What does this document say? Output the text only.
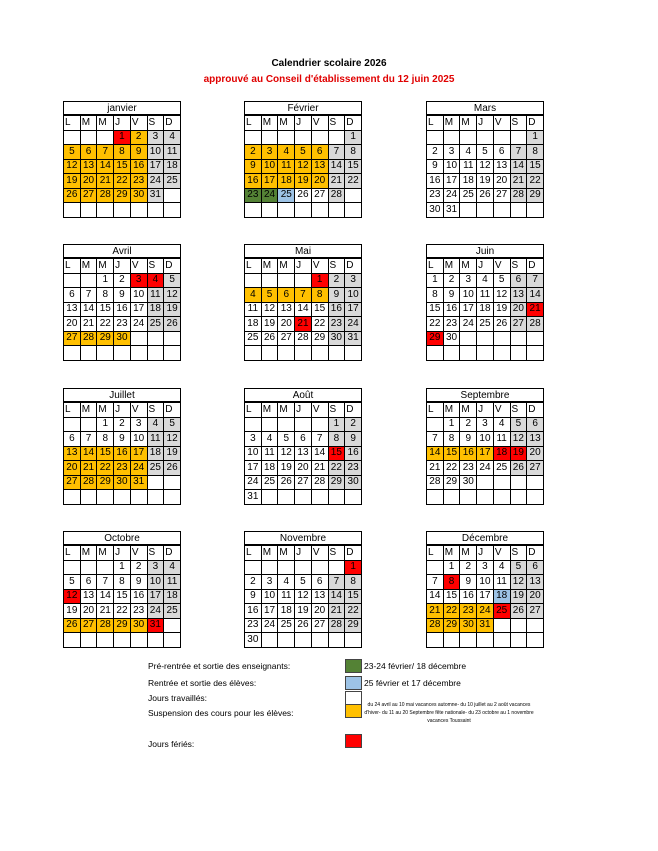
Calendrier scolaire 2026
approuvé au Conseil d'établissement du 12 juin 2025
janvier
L	M	M	J	V	S	D
			1	2	3	4
5	6	7	8	9	10	11
12	13	14	15	16	17	18
19	20	21	22	23	24	25
26	27	28	29	30	31	

Février
L	M	M	J	V	S	D
						1
2	3	4	5	6	7	8
9	10	11	12	13	14	15
16	17	18	19	20	21	22
23	24	25	26	27	28	

Mars
L	M	M	J	V	S	D
						1
2	3	4	5	6	7	8
9	10	11	12	13	14	15
16	17	18	19	20	21	22
23	24	25	26	27	28	29
30	31					
Avril
L	M	M	J	V	S	D
		1	2	3	4	5
6	7	8	9	10	11	12
13	14	15	16	17	18	19
20	21	22	23	24	25	26
27	28	29	30			

Mai
L	M	M	J	V	S	D
				1	2	3
4	5	6	7	8	9	10
11	12	13	14	15	16	17
18	19	20	21	22	23	24
25	26	27	28	29	30	31

Juin
L	M	M	J	V	S	D
1	2	3	4	5	6	7
8	9	10	11	12	13	14
15	16	17	18	19	20	21
22	23	24	25	26	27	28
29	30					

Juillet
L	M	M	J	V	S	D
		1	2	3	4	5
6	7	8	9	10	11	12
13	14	15	16	17	18	19
20	21	22	23	24	25	26
27	28	29	30	31		

Août
L	M	M	J	V	S	D
					1	2
3	4	5	6	7	8	9
10	11	12	13	14	15	16
17	18	19	20	21	22	23
24	25	26	27	28	29	30
31						
Septembre
L	M	M	J	V	S	D
	1	2	3	4	5	6
7	8	9	10	11	12	13
14	15	16	17	18	19	20
21	22	23	24	25	26	27
28	29	30				

Octobre
L	M	M	J	V	S	D
			1	2	3	4
5	6	7	8	9	10	11
12	13	14	15	16	17	18
19	20	21	22	23	24	25
26	27	28	29	30	31	

Novembre
L	M	M	J	V	S	D
						1
2	3	4	5	6	7	8
9	10	11	12	13	14	15
16	17	18	19	20	21	22
23	24	25	26	27	28	29
30						
Décembre
L	M	M	J	V	S	D
	1	2	3	4	5	6
7	8	9	10	11	12	13
14	15	16	17	18	19	20
21	22	23	24	25	26	27
28	29	30	31			

Pré-rentrée et sortie des enseignants:	23-24 février/ 18 décembre
Rentrée et sortie des élèves:	25 février et 17 décembre
Jours travaillés:
Suspension des cours pour les élèves:
du 24 avril au 10 mai vacances automne- du 10 juillet au 2 août vacances d'hiver- du 11 au 20 Septembre fête nationale- du 23 octobre au 1 novembre vacances Toussaint
Jours fériés:
